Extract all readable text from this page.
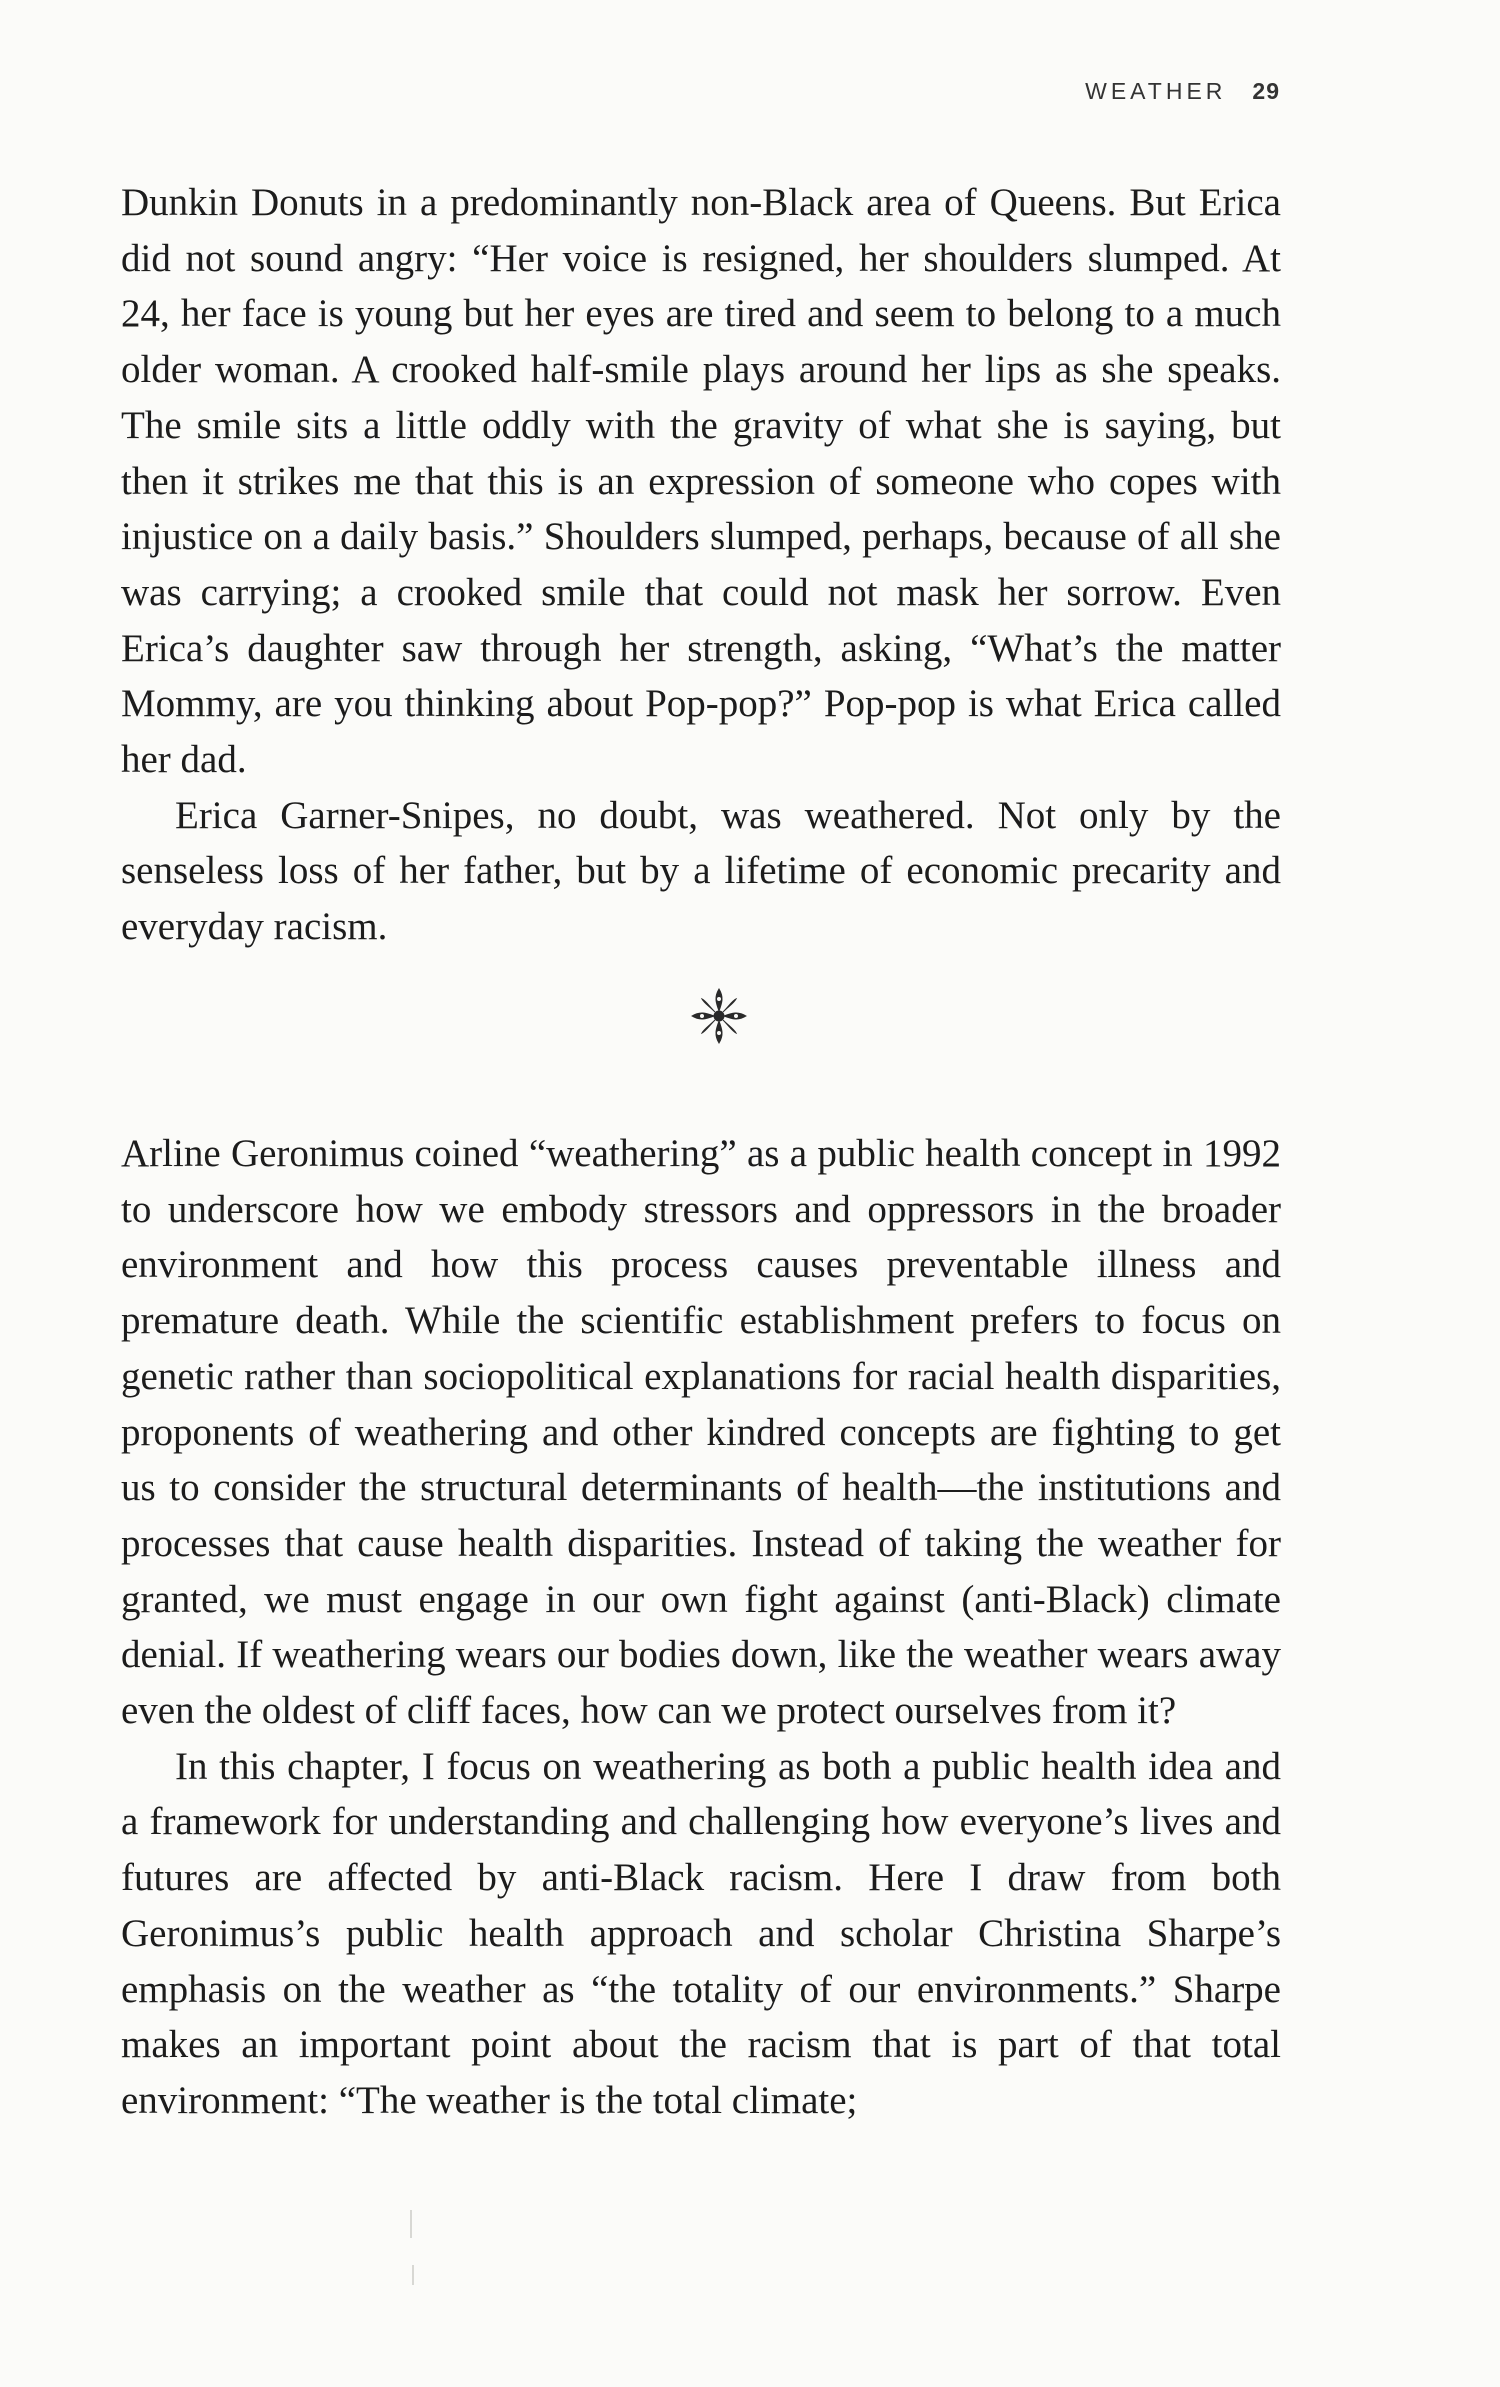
WEATHER 29

Dunkin Donuts in a predominantly non-Black area of Queens. But Erica did not sound angry: “Her voice is resigned, her shoulders slumped. At 24, her face is young but her eyes are tired and seem to belong to a much older woman. A crooked half-smile plays around her lips as she speaks. The smile sits a little oddly with the gravity of what she is saying, but then it strikes me that this is an expression of someone who copes with injustice on a daily basis.” Shoulders slumped, perhaps, because of all she was carrying; a crooked smile that could not mask her sorrow. Even Erica’s daughter saw through her strength, asking, “What’s the matter Mommy, are you thinking about Pop-pop?” Pop-pop is what Erica called her dad.

Erica Garner-Snipes, no doubt, was weathered. Not only by the senseless loss of her father, but by a lifetime of economic precarity and everyday racism.

Arline Geronimus coined “weathering” as a public health concept in 1992 to underscore how we embody stressors and oppressors in the broader environment and how this process causes preventable illness and premature death. While the scientific establishment prefers to focus on genetic rather than sociopolitical explanations for racial health disparities, proponents of weathering and other kindred concepts are fighting to get us to consider the structural determinants of health—the institutions and processes that cause health disparities. Instead of taking the weather for granted, we must engage in our own fight against (anti-Black) climate denial. If weathering wears our bodies down, like the weather wears away even the oldest of cliff faces, how can we protect ourselves from it?

In this chapter, I focus on weathering as both a public health idea and a framework for understanding and challenging how everyone’s lives and futures are affected by anti-Black racism. Here I draw from both Geronimus’s public health approach and scholar Christina Sharpe’s emphasis on the weather as “the totality of our environments.” Sharpe makes an important point about the racism that is part of that total environment: “The weather is the total climate;
